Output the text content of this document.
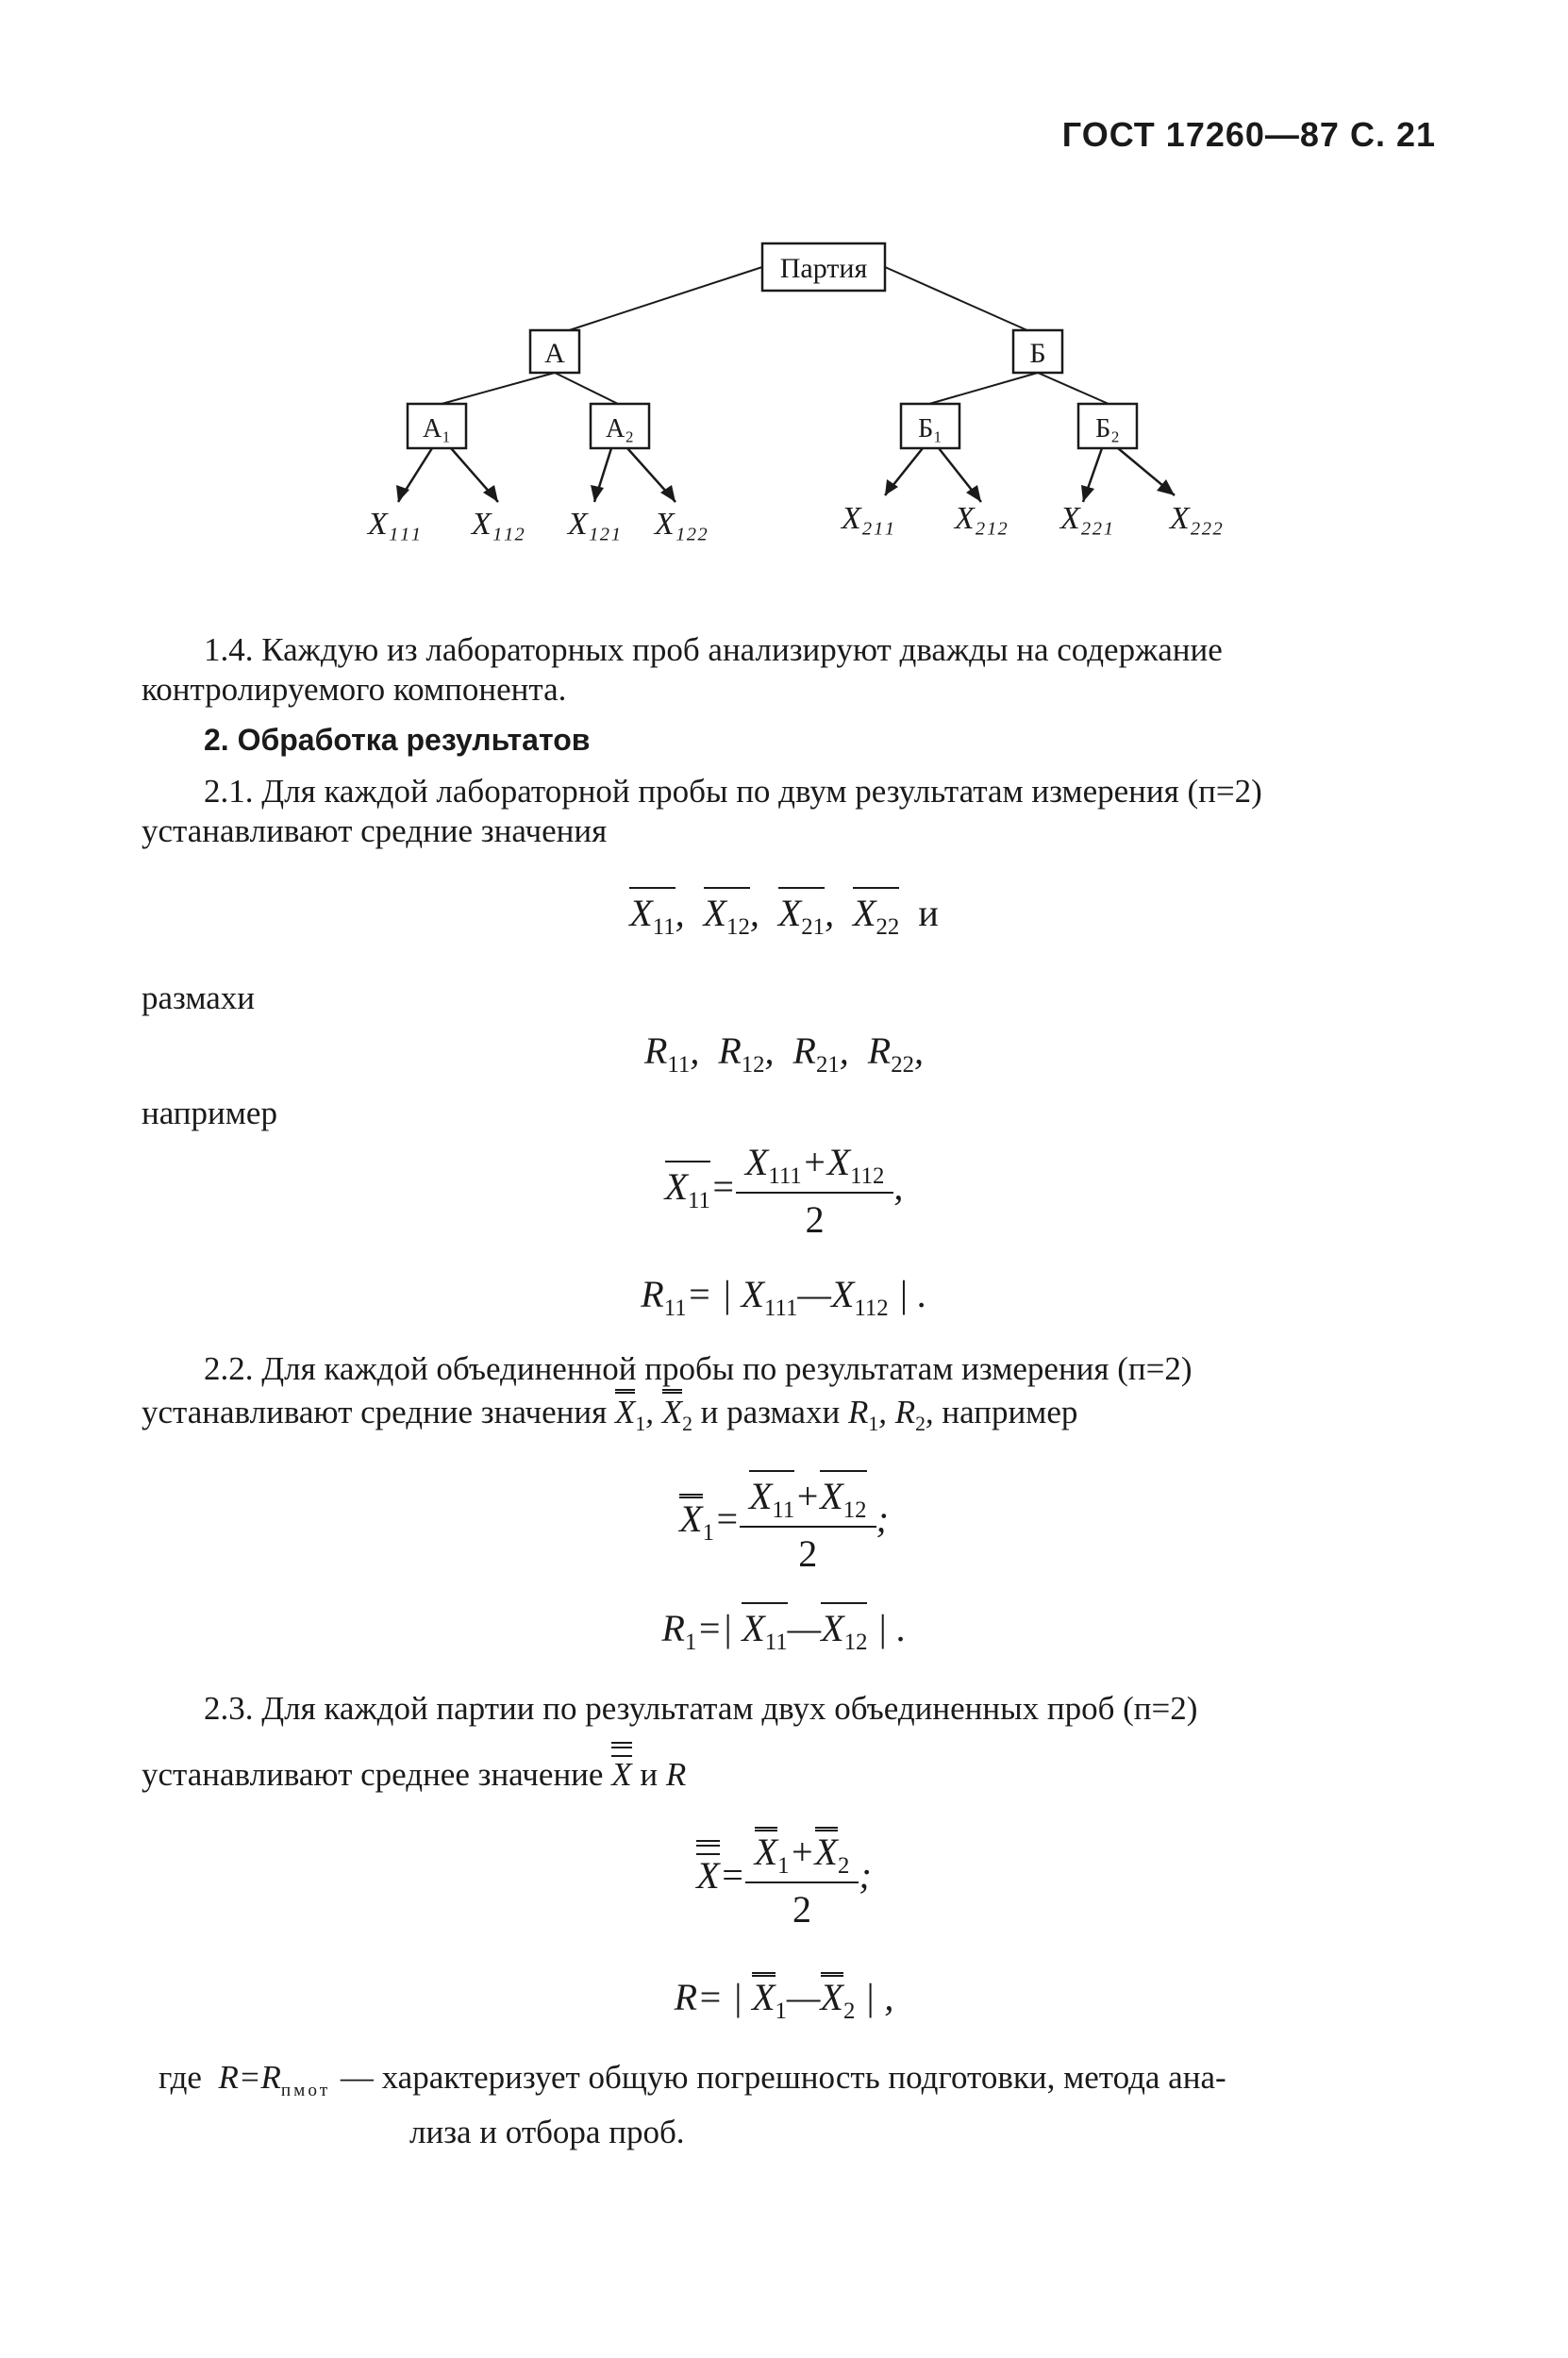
ГОСТ 17260—87 С. 21
Партия
А	Б
А₁	А₂	Б₁	Б₂
X₁₁₁ X₁₁₂ X₁₂₁ X₁₂₂	X₂₁₁ X₂₁₂ X₂₂₁ X₂₂₂
1.4. Каждую из лабораторных проб анализируют дважды на содержание
контролируемого компонента.
2. Обработка результатов
2.1. Для каждой лабораторной пробы по двум результатам измерения (п=2)
устанавливают средние значения
$X_{11}$,  $X_{12}$,  $X_{21}$,  $X_{22}$ и
размахи
$R_{11}$,  $R_{12}$,  $R_{21}$,  $R_{22}$,
например
$X_{11}= \frac{X_{111}+X_{112}}{2}$ ,
$R_{11}=$ | $X_{111}—X_{112}$ | .
2.2. Для каждой объединенной пробы по результатам измерения (п=2)
устанавливают средние значения $X_1$, $X_2$ и размахи $R_1$, $R_2$, например
$X_1= \frac{X_{11}+X_{12}}{2}$ ;
$R_1=|$ $X_{11}—X_{12}$ | .
2.3. Для каждой партии по результатам двух объединенных проб (п=2)
устанавливают среднее значение X и R
$X= \frac{X_1+X_2}{2}$ ;
R= | $X_1—X_2$ | ,
где  $R=R_{пмот}$ — характеризует общую погрешность подготовки, метода ана-
лиза и отбора проб.
